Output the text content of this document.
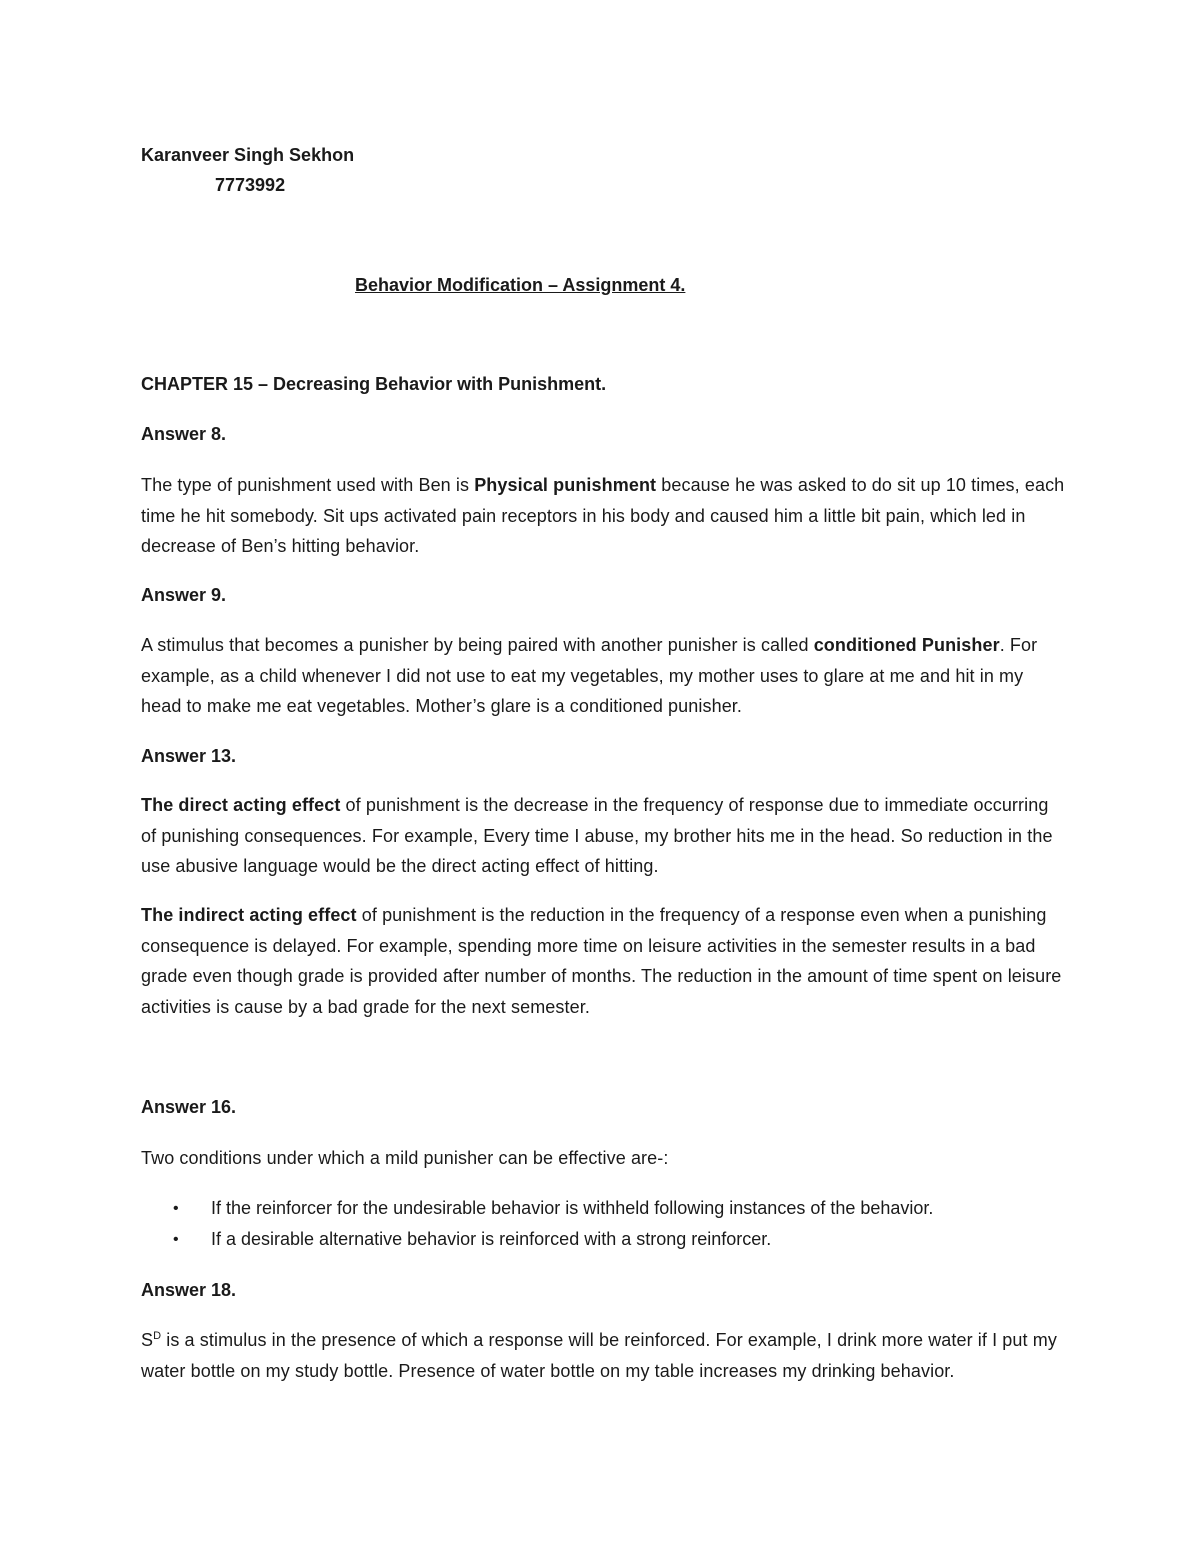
Karanveer Singh Sekhon
7773992
Behavior Modification – Assignment 4.
CHAPTER 15 – Decreasing Behavior with Punishment.
Answer 8.

The type of punishment used with Ben is Physical punishment because he was asked to do sit up 10 times, each time he hit somebody. Sit ups activated pain receptors in his body and caused him a little bit pain, which led in decrease of Ben’s hitting behavior.

Answer 9.

A stimulus that becomes a punisher by being paired with another punisher is called conditioned Punisher. For example, as a child whenever I did not use to eat my vegetables, my mother uses to glare at me and hit in my head to make me eat vegetables. Mother’s glare is a conditioned punisher.

Answer 13.

The direct acting effect of punishment is the decrease in the frequency of response due to immediate occurring of punishing consequences. For example, Every time I abuse, my brother hits me in the head. So reduction in the use abusive language would be the direct acting effect of hitting.

The indirect acting effect of punishment is the reduction in the frequency of a response even when a punishing consequence is delayed. For example, spending more time on leisure activities in the semester results in a bad grade even though grade is provided after number of months. The reduction in the amount of time spent on leisure activities is cause by a bad grade for the next semester.

Answer 16.

Two conditions under which a mild punisher can be effective are-:

• If the reinforcer for the undesirable behavior is withheld following instances of the behavior.
• If a desirable alternative behavior is reinforced with a strong reinforcer.
Answer 18.

$S^D$ is a stimulus in the presence of which a response will be reinforced. For example, I drink more water if I put my water bottle on my study bottle. Presence of water bottle on my table increases my drinking behavior.
